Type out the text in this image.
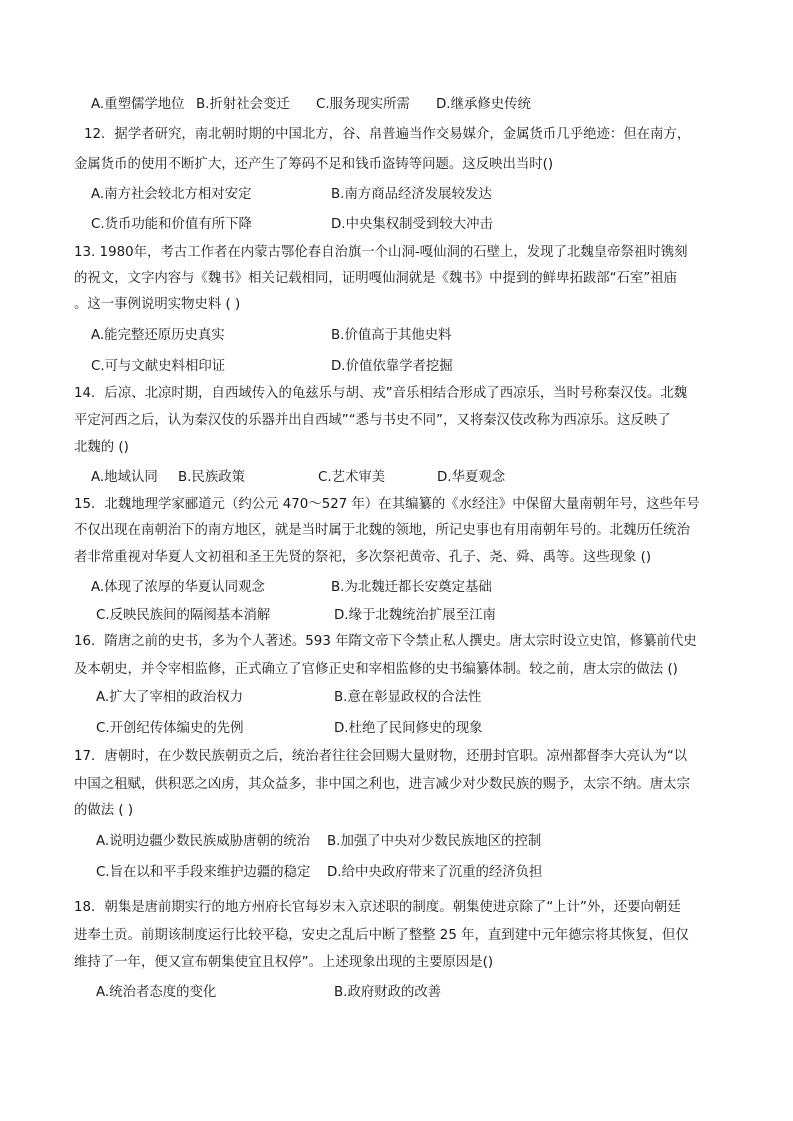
A.重塑儒学地位 B.折射社会变迁 C.服务现实所需 D.继承修史传统
12．据学者研究，南北朝时期的中国北方，谷、帛普遍当作交易媒介，金属货币几乎绝迹：但在南方，
金属货币的使用不断扩大，还产生了筹码不足和钱币盗铸等问题。这反映出当时()
A.南方社会较北方相对安定	B.南方商品经济发展较发达
C.货币功能和价值有所下降	D.中央集权制受到较大冲击
13. 1980年，考古工作者在内蒙古鄂伦春自治旗一个山洞-嘎仙洞的石壁上，发现了北魏皇帝祭祖时镌刻
的祝文，文字内容与《魏书》相关记载相同，证明嘎仙洞就是《魏书》中提到的鲜卑拓跋部“石室”祖庙
。这一事例说明实物史料 ( )
A.能完整还原历史真实	B.价值高于其他史料
C.可与文献史料相印证	D.价值依靠学者挖掘
14．后凉、北凉时期，自西域传入的龟兹乐与胡、戎”音乐相结合形成了西凉乐，当时号称秦汉伎。北魏
平定河西之后，认为秦汉伎的乐器并出自西域”“悉与书史不同”，又将秦汉伎改称为西凉乐。这反映了
北魏的 ()
A.地域认同 B.民族政策	C.艺术审美	D.华夏观念
15．北魏地理学家郦道元（约公元 470～527 年）在其编纂的《水经注》中保留大量南朝年号，这些年号
不仅出现在南朝治下的南方地区，就是当时属于北魏的领地，所记史事也有用南朝年号的。北魏历任统治
者非常重视对华夏人文初祖和圣王先贤的祭祀，多次祭祀黄帝、孔子、尧、舜、禹等。这些现象 ()
A.体现了浓厚的华夏认同观念	B.为北魏迁都长安奠定基础
C.反映民族间的隔阂基本消解	D.缘于北魏统治扩展至江南
16．隋唐之前的史书，多为个人著述。593 年隋文帝下令禁止私人撰史。唐太宗时设立史馆，修纂前代史
及本朝史，并令宰相监修，正式确立了官修正史和宰相监修的史书编纂体制。较之前，唐太宗的做法 ()
A.扩大了宰相的政治权力	B.意在彰显政权的合法性
C.开创纪传体编史的先例	D.杜绝了民间修史的现象
17．唐朝时，在少数民族朝贡之后，统治者往往会回赐大量财物，还册封官职。凉州都督李大亮认为“以
中国之租赋，供积恶之凶虏，其众益多，非中国之利也，进言减少对少数民族的赐予，太宗不纳。唐太宗
的做法 ( )
A.说明边疆少数民族威胁唐朝的统治 B.加强了中央对少数民族地区的控制
C.旨在以和平手段来维护边疆的稳定 D.给中央政府带来了沉重的经济负担
18．朝集是唐前期实行的地方州府长官每岁末入京述职的制度。朝集使进京除了“上计”外，还要向朝廷
进奉土贡。前期该制度运行比较平稳，安史之乱后中断了整整 25 年，直到建中元年德宗将其恢复，但仅
维持了一年，便又宣布朝集使宜且权停”。上述现象出现的主要原因是()
A.统治者态度的变化	B.政府财政的改善
